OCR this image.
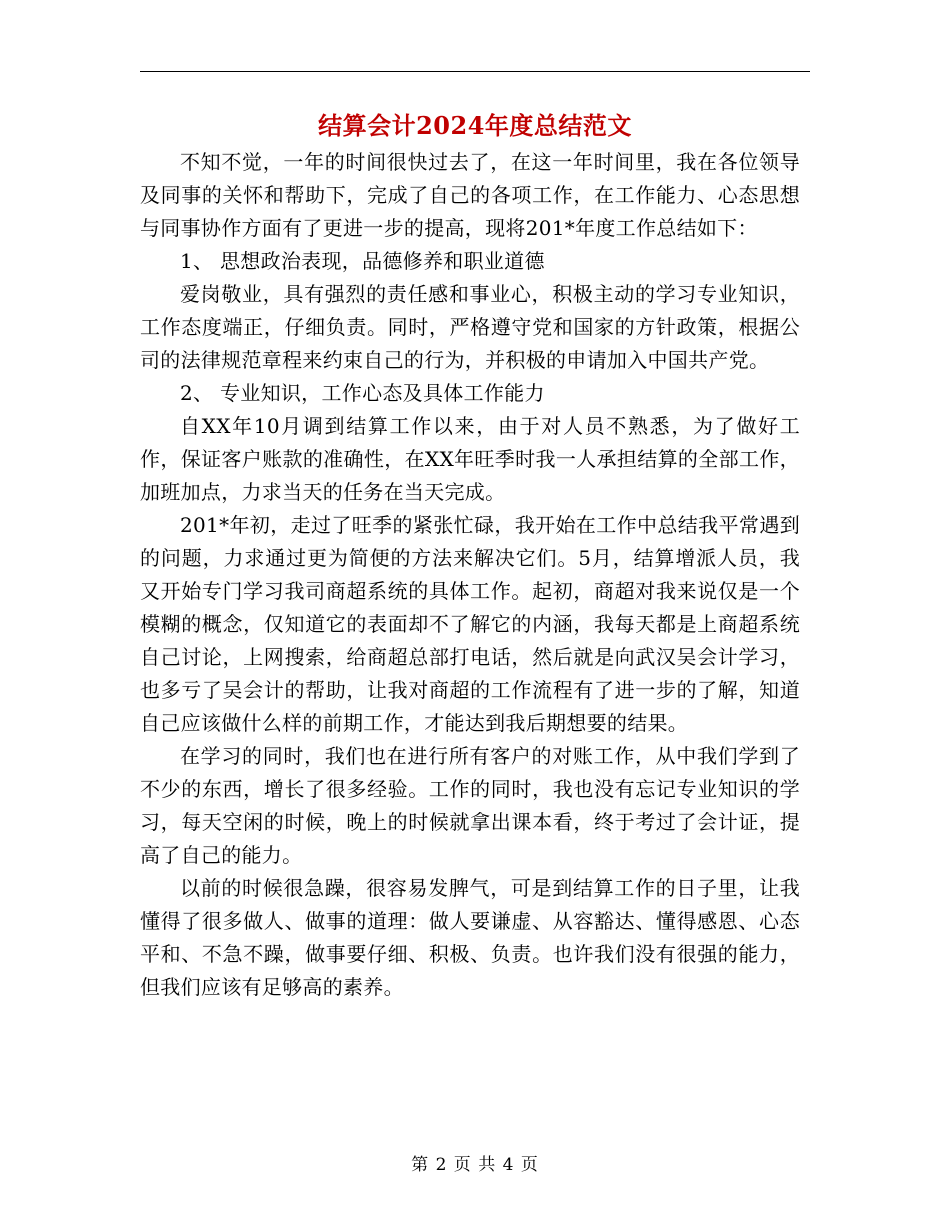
结算会计2024年度总结范文

不知不觉，一年的时间很快过去了，在这一年时间里，我在各位领导及同事的关怀和帮助下，完成了自己的各项工作，在工作能力、心态思想与同事协作方面有了更进一步的提高，现将201*年度工作总结如下：

1、 思想政治表现，品德修养和职业道德

爱岗敬业，具有强烈的责任感和事业心，积极主动的学习专业知识，工作态度端正，仔细负责。同时，严格遵守党和国家的方针政策，根据公司的法律规范章程来约束自己的行为，并积极的申请加入中国共产党。

2、 专业知识，工作心态及具体工作能力

自XX年10月调到结算工作以来，由于对人员不熟悉，为了做好工作，保证客户账款的准确性，在XX年旺季时我一人承担结算的全部工作，加班加点，力求当天的任务在当天完成。

201*年初，走过了旺季的紧张忙碌，我开始在工作中总结我平常遇到的问题，力求通过更为简便的方法来解决它们。5月，结算增派人员，我又开始专门学习我司商超系统的具体工作。起初，商超对我来说仅是一个模糊的概念，仅知道它的表面却不了解它的内涵，我每天都是上商超系统自己讨论，上网搜索，给商超总部打电话，然后就是向武汉吴会计学习，也多亏了吴会计的帮助，让我对商超的工作流程有了进一步的了解，知道自己应该做什么样的前期工作，才能达到我后期想要的结果。

在学习的同时，我们也在进行所有客户的对账工作，从中我们学到了不少的东西，增长了很多经验。工作的同时，我也没有忘记专业知识的学习，每天空闲的时候，晚上的时候就拿出课本看，终于考过了会计证，提高了自己的能力。

以前的时候很急躁，很容易发脾气，可是到结算工作的日子里，让我懂得了很多做人、做事的道理：做人要谦虚、从容豁达、懂得感恩、心态平和、不急不躁，做事要仔细、积极、负责。也许我们没有很强的能力，但我们应该有足够高的素养。

第 2 页 共 4 页
